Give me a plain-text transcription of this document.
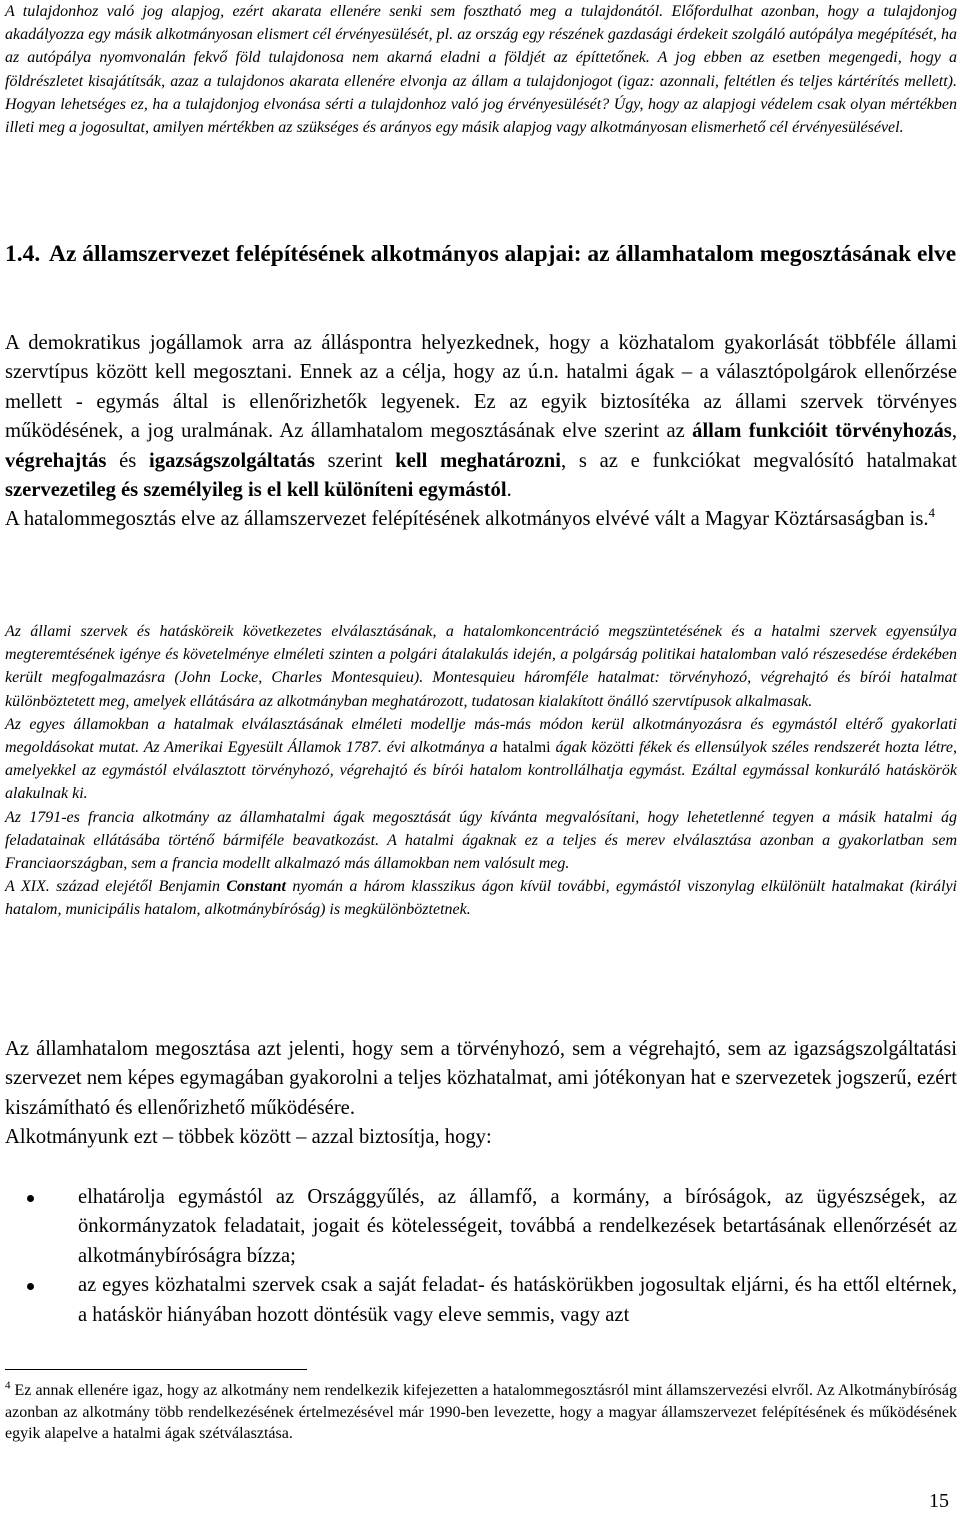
A tulajdonhoz való jog alapjog, ezért akarata ellenére senki sem fosztható meg a tulajdonától. Előfordulhat azonban, hogy a tulajdonjog akadályozza egy másik alkotmányosan elismert cél érvényesülését, pl. az ország egy részének gazdasági érdekeit szolgáló autópálya megépítését, ha az autópálya nyomvonalán fekvő föld tulajdonosa nem akarná eladni a földjét az építtetőnek. A jog ebben az esetben megengedi, hogy a földrészletet kisajátítsák, azaz a tulajdonos akarata ellenére elvonja az állam a tulajdonjogot (igaz: azonnali, feltétlen és teljes kártérítés mellett). Hogyan lehetséges ez, ha a tulajdonjog elvonása sérti a tulajdonhoz való jog érvényesülését? Úgy, hogy az alapjogi védelem csak olyan mértékben illeti meg a jogosultat, amilyen mértékben az szükséges és arányos egy másik alapjog vagy alkotmányosan elismerhető cél érvényesülésével.

1.4. Az államszervezet felépítésének alkotmányos alapjai: az államhatalom megosztásának elve

A demokratikus jogállamok arra az álláspontra helyezkednek, hogy a közhatalom gyakorlását többféle állami szervtípus között kell megosztani. Ennek az a célja, hogy az ú.n. hatalmi ágak – a választópolgárok ellenőrzése mellett - egymás által is ellenőrizhetők legyenek. Ez az egyik biztosítéka az állami szervek törvényes működésének, a jog uralmának. Az államhatalom megosztásának elve szerint az állam funkcióit törvényhozás, végrehajtás és igazságszolgáltatás szerint kell meghatározni, s az e funkciókat megvalósító hatalmakat szervezetileg és személyileg is el kell különíteni egymástól.

A hatalommegosztás elve az államszervezet felépítésének alkotmányos elvévé vált a Magyar Köztársaságban is.$^4$

Az állami szervek és hatásköreik következetes elválasztásának, a hatalomkoncentráció megszüntetésének és a hatalmi szervek egyensúlya megteremtésének igénye és követelménye elméleti szinten a polgári átalakulás idején, a polgárság politikai hatalomban való részesedése érdekében került megfogalmazásra (John Locke, Charles Montesquieu). Montesquieu háromféle hatalmat: törvényhozó, végrehajtó és bírói hatalmat különböztetett meg, amelyek ellátására az alkotmányban meghatározott, tudatosan kialakított önálló szervtípusok alkalmasak.

Az egyes államokban a hatalmak elválasztásának elméleti modellje más-más módon kerül alkotmányozásra és egymástól eltérő gyakorlati megoldásokat mutat. Az Amerikai Egyesült Államok 1787. évi alkotmánya a hatalmi ágak közötti fékek és ellensúlyok széles rendszerét hozta létre, amelyekkel az egymástól elválasztott törvényhozó, végrehajtó és bírói hatalom kontrollálhatja egymást. Ezáltal egymással konkuráló hatáskörök alakulnak ki.

Az 1791-es francia alkotmány az államhatalmi ágak megosztását úgy kívánta megvalósítani, hogy lehetetlenné tegyen a másik hatalmi ág feladatainak ellátásába történő bármiféle beavatkozást. A hatalmi ágaknak ez a teljes és merev elválasztása azonban a gyakorlatban sem Franciaországban, sem a francia modellt alkalmazó más államokban nem valósult meg.

A XIX. század elejétől Benjamin Constant nyomán a három klasszikus ágon kívül további, egymástól viszonylag elkülönült hatalmakat (királyi hatalom, municipális hatalom, alkotmánybíróság) is megkülönböztetnek.

Az államhatalom megosztása azt jelenti, hogy sem a törvényhozó, sem a végrehajtó, sem az igazságszolgáltatási szervezet nem képes egymagában gyakorolni a teljes közhatalmat, ami jótékonyan hat e szervezetek jogszerű, ezért kiszámítható és ellenőrizhető működésére.

Alkotmányunk ezt – többek között – azzal biztosítja, hogy:

elhatárolja egymástól az Országgyűlés, az államfő, a kormány, a bíróságok, az ügyészségek, az önkormányzatok feladatait, jogait és kötelességeit, továbbá a rendelkezések betartásának ellenőrzését az alkotmánybíróságra bízza;

az egyes közhatalmi szervek csak a saját feladat- és hatáskörükben jogosultak eljárni, és ha ettől eltérnek, a hatáskör hiányában hozott döntésük vagy eleve semmis, vagy azt

$^4$ Ez annak ellenére igaz, hogy az alkotmány nem rendelkezik kifejezetten a hatalommegosztásról mint államszervezési elvről. Az Alkotmánybíróság azonban az alkotmány több rendelkezésének értelmezésével már 1990-ben levezette, hogy a magyar államszervezet felépítésének és működésének egyik alapelve a hatalmi ágak szétválasztása.

15
